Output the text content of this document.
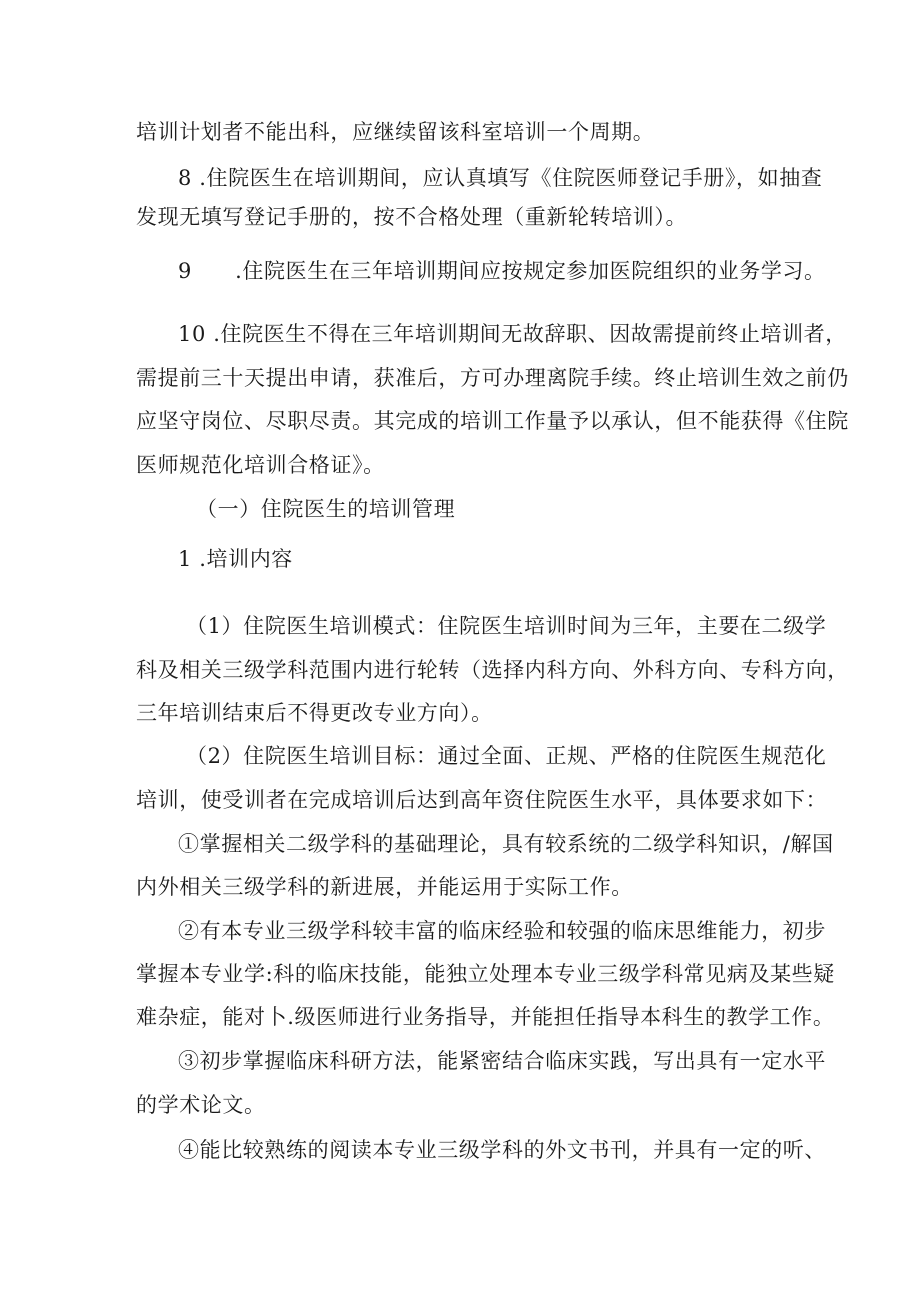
培训计划者不能出科，应继续留该科室培训一个周期。
8 .住院医生在培训期间，应认真填写《住院医师登记手册》，如抽查
发现无填写登记手册的，按不合格处理（重新轮转培训）。
9　　.住院医生在三年培训期间应按规定参加医院组织的业务学习。
10 .住院医生不得在三年培训期间无故辞职、因故需提前终止培训者，
需提前三十天提出申请，获准后，方可办理离院手续。终止培训生效之前仍
应坚守岗位、尽职尽责。其完成的培训工作量予以承认，但不能获得《住院
医师规范化培训合格证》。
（一）住院医生的培训管理
1 .培训内容
（1）住院医生培训模式：住院医生培训时间为三年，主要在二级学
科及相关三级学科范围内进行轮转（选择内科方向、外科方向、专科方向，
三年培训结束后不得更改专业方向）。
（2）住院医生培训目标：通过全面、正规、严格的住院医生规范化
培训，使受训者在完成培训后达到高年资住院医生水平，具体要求如下：
①掌握相关二级学科的基础理论，具有较系统的二级学科知识，/解国
内外相关三级学科的新进展，并能运用于实际工作。
②有本专业三级学科较丰富的临床经验和较强的临床思维能力，初步
掌握本专业学:科的临床技能，能独立处理本专业三级学科常见病及某些疑
难杂症，能对卜.级医师进行业务指导，并能担任指导本科生的教学工作。
③初步掌握临床科研方法，能紧密结合临床实践，写出具有一定水平
的学术论文。
④能比较熟练的阅读本专业三级学科的外文书刊，并具有一定的听、
